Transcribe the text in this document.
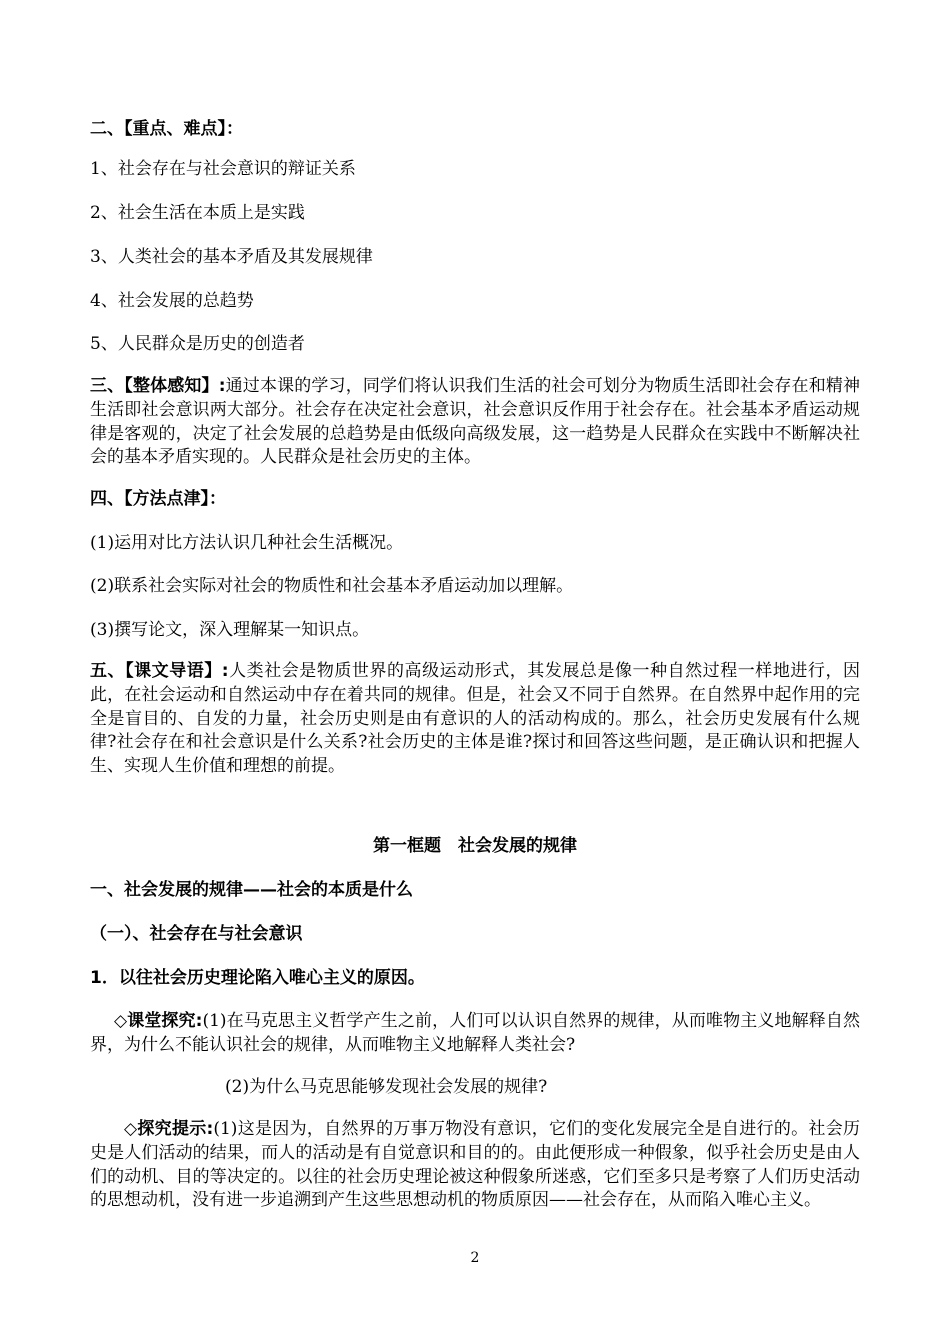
二、【重点、难点】：

1、社会存在与社会意识的辩证关系

2、社会生活在本质上是实践

3、人类社会的基本矛盾及其发展规律

4、社会发展的总趋势

5、人民群众是历史的创造者

三、【整体感知】:通过本课的学习，同学们将认识我们生活的社会可划分为物质生活即社会存在和精神生活即社会意识两大部分。社会存在决定社会意识，社会意识反作用于社会存在。社会基本矛盾运动规律是客观的，决定了社会发展的总趋势是由低级向高级发展，这一趋势是人民群众在实践中不断解决社会的基本矛盾实现的。人民群众是社会历史的主体。

四、【方法点津】：

(1)运用对比方法认识几种社会生活概况。

(2)联系社会实际对社会的物质性和社会基本矛盾运动加以理解。

(3)撰写论文，深入理解某一知识点。

五、【课文导语】:人类社会是物质世界的高级运动形式，其发展总是像一种自然过程一样地进行，因此，在社会运动和自然运动中存在着共同的规律。但是，社会又不同于自然界。在自然界中起作用的完全是盲目的、自发的力量，社会历史则是由有意识的人的活动构成的。那么，社会历史发展有什么规律?社会存在和社会意识是什么关系?社会历史的主体是谁?探讨和回答这些问题，是正确认识和把握人生、实现人生价值和理想的前提。

第一框题　社会发展的规律

一、社会发展的规律——社会的本质是什么

（一）、社会存在与社会意识

1．以往社会历史理论陷入唯心主义的原因。

◇课堂探究:(1)在马克思主义哲学产生之前，人们可以认识自然界的规律，从而唯物主义地解释自然界，为什么不能认识社会的规律，从而唯物主义地解释人类社会?

(2)为什么马克思能够发现社会发展的规律?

◇探究提示:(1)这是因为，自然界的万事万物没有意识，它们的变化发展完全是自进行的。社会历史是人们活动的结果，而人的活动是有自觉意识和目的的。由此便形成一种假象，似乎社会历史是由人们的动机、目的等决定的。以往的社会历史理论被这种假象所迷惑，它们至多只是考察了人们历史活动的思想动机，没有进一步追溯到产生这些思想动机的物质原因——社会存在，从而陷入唯心主义。

2
